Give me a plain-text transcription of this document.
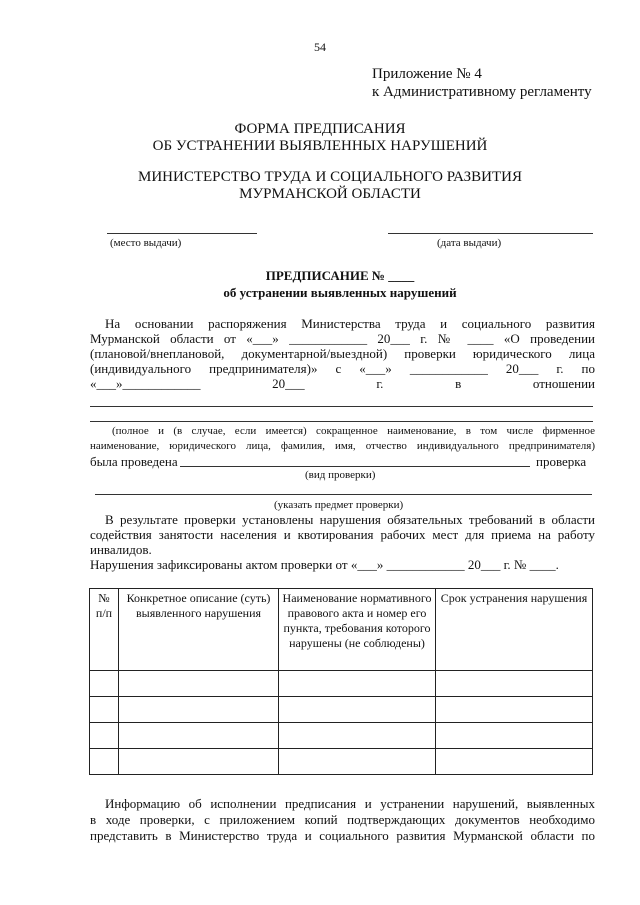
54
Приложение № 4
к Административному регламенту
ФОРМА ПРЕДПИСАНИЯ
ОБ УСТРАНЕНИИ ВЫЯВЛЕННЫХ НАРУШЕНИЙ
МИНИСТЕРСТВО ТРУДА И СОЦИАЛЬНОГО РАЗВИТИЯ
МУРМАНСКОЙ ОБЛАСТИ
(место выдачи)	(дата выдачи)
ПРЕДПИСАНИЕ № ____
об устранении выявленных нарушений
На основании распоряжения Министерства труда и социального развития
Мурманской области от «___» ____________ 20___ г. № ____ «О проведении
(плановой/внеплановой, документарной/выездной) проверки юридического лица
(индивидуального предпринимателя)» с «___» ____________ 20___ г. по
«___»____________ 20___ г. в отношении
(полное и (в случае, если имеется) сокращенное наименование, в том числе фирменное
наименование, юридического лица, фамилия, имя, отчество индивидуального предпринимателя)
была проведена	проверка
(вид проверки)
(указать предмет проверки)
В результате проверки установлены нарушения обязательных требований в области
содействия занятости населения и квотирования рабочих мест для приема на работу
инвалидов.
Нарушения зафиксированы актом проверки от «___» ____________ 20___ г. № ____.
№ п/п	Конкретное описание (суть) выявленного нарушения	Наименование нормативного правового акта и номер его пункта, требования которого нарушены (не соблюдены)	Срок устранения нарушения

Информацию об исполнении предписания и устранении нарушений, выявленных
в ходе проверки, с приложением копий подтверждающих документов необходимо
представить в Министерство труда и социального развития Мурманской области по
